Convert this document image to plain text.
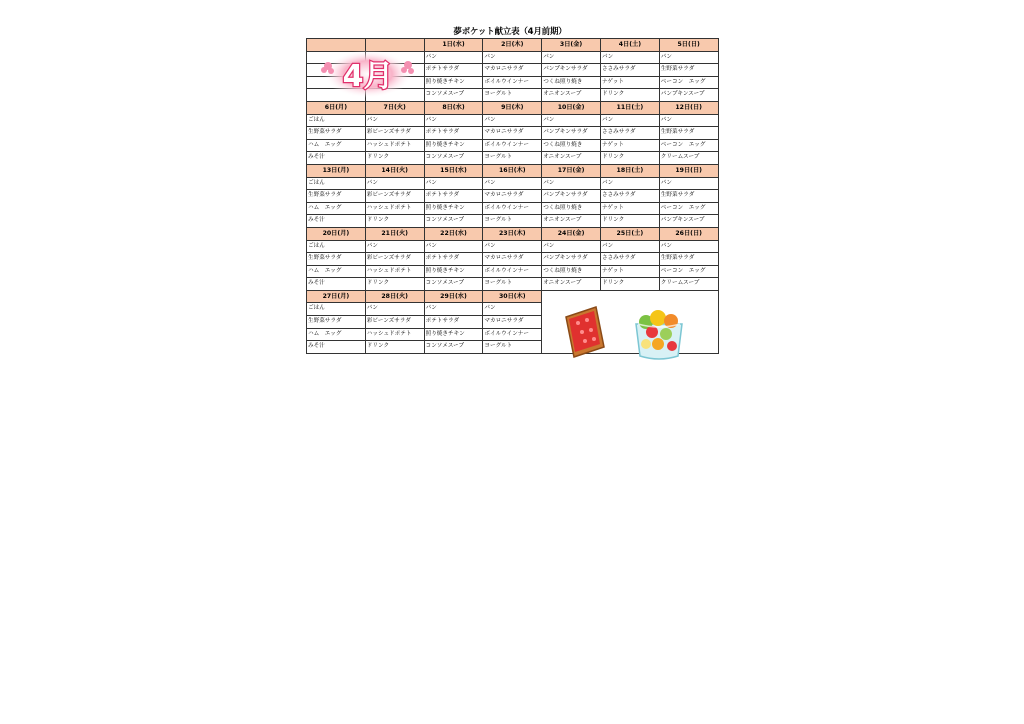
夢ポケット献立表（4月前期）
		1日(水)	2日(木)	3日(金)	4日(土)	5日(日)
		パン	パン	パン	パン	パン
		ポテトサラダ	マカロニサラダ	パンプキンサラダ	ささみサラダ	生野菜サラダ
		照り焼きチキン	ボイルウインナー	つくね照り焼き	ナゲット	ベーコン　エッグ
		コンソメスープ	ヨーグルト	オニオンスープ	ドリンク	パンプキンスープ
6日(月)	7日(火)	8日(水)	9日(木)	10日(金)	11日(土)	12日(日)
ごはん	パン	パン	パン	パン	パン	パン
生野菜サラダ	彩ビーンズサラダ	ポテトサラダ	マカロニサラダ	パンプキンサラダ	ささみサラダ	生野菜サラダ
ハム　エッグ	ハッシュドポテト	照り焼きチキン	ボイルウインナー	つくね照り焼き	ナゲット	ベーコン　エッグ
みそ汁	ドリンク	コンソメスープ	ヨーグルト	オニオンスープ	ドリンク	クリームスープ
13日(月)	14日(火)	15日(水)	16日(木)	17日(金)	18日(土)	19日(日)
ごはん	パン	パン	パン	パン	パン	パン
生野菜サラダ	彩ビーンズサラダ	ポテトサラダ	マカロニサラダ	パンプキンサラダ	ささみサラダ	生野菜サラダ
ハム　エッグ	ハッシュドポテト	照り焼きチキン	ボイルウインナー	つくね照り焼き	ナゲット	ベーコン　エッグ
みそ汁	ドリンク	コンソメスープ	ヨーグルト	オニオンスープ	ドリンク	パンプキンスープ
20日(月)	21日(火)	22日(水)	23日(木)	24日(金)	25日(土)	26日(日)
ごはん	パン	パン	パン	パン	パン	パン
生野菜サラダ	彩ビーンズサラダ	ポテトサラダ	マカロニサラダ	パンプキンサラダ	ささみサラダ	生野菜サラダ
ハム　エッグ	ハッシュドポテト	照り焼きチキン	ボイルウインナー	つくね照り焼き	ナゲット	ベーコン　エッグ
みそ汁	ドリンク	コンソメスープ	ヨーグルト	オニオンスープ	ドリンク	クリームスープ
27日(月)	28日(火)	29日(水)	30日(木)			
ごはん	パン	パン	パン			
生野菜サラダ	彩ビーンズサラダ	ポテトサラダ	マカロニサラダ			
ハム　エッグ	ハッシュドポテト	照り焼きチキン	ボイルウインナー			
みそ汁	ドリンク	コンソメスープ	ヨーグルト			
4月
